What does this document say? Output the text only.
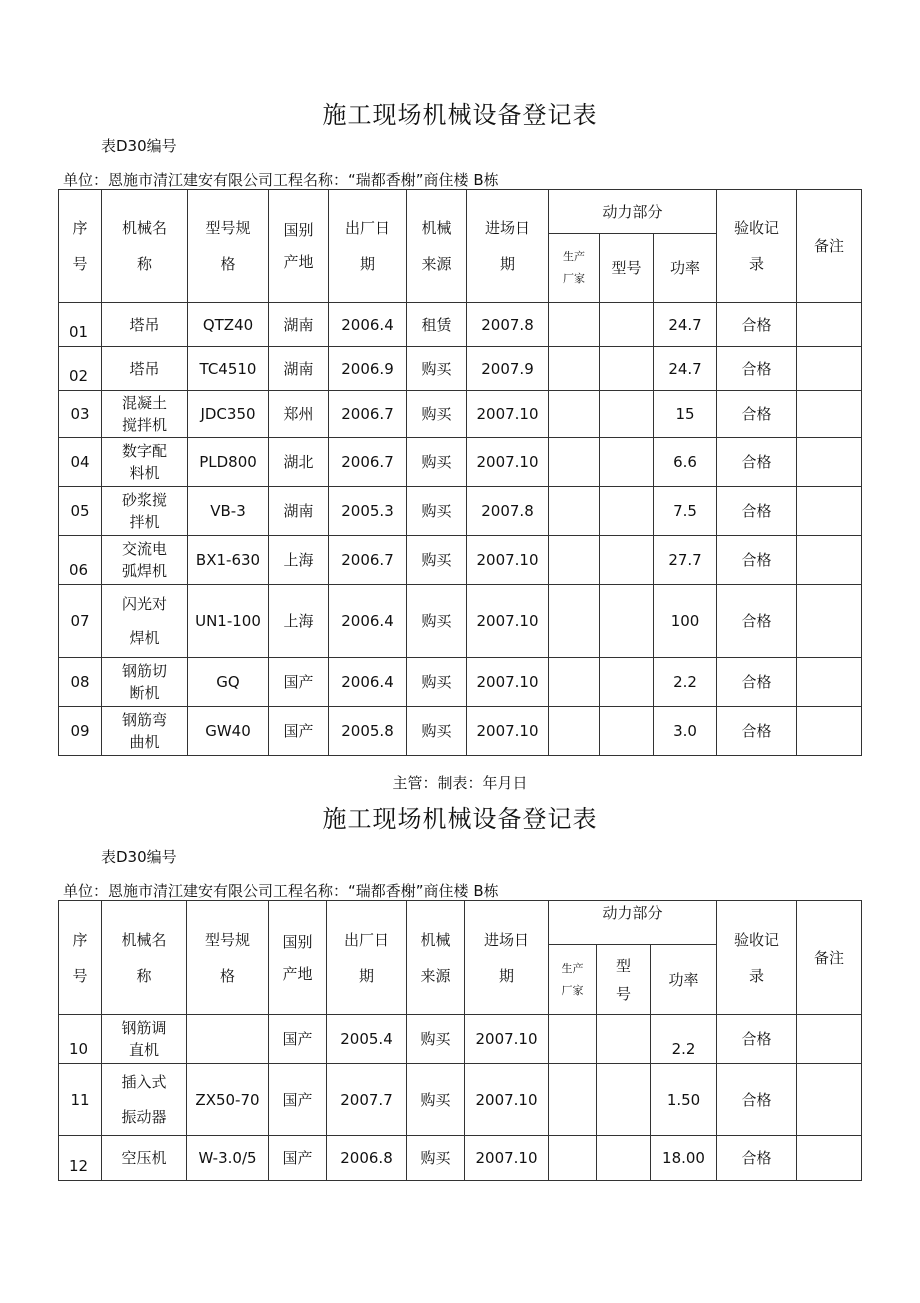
施工现场机械设备登记表
表D30编号
单位：恩施市清江建安有限公司工程名称：“瑞都香榭”商住楼 B栋
序
号	机械名
称	型号规
格	国别
产地	出厂日
期	机械
来源	进场日
期	动力部分			验收记
录	备注

							生产
厂家	型号	功率		
01	塔吊	QTZ40	湖南	2006.4	租赁	2007.8			24.7	合格	
02	塔吊	TC4510	湖南	2006.9	购买	2007.9			24.7	合格	
03	混凝土
搅拌机	JDC350	郑州	2006.7	购买	2007.10			15	合格	
04	数字配
料机	PLD800	湖北	2006.7	购买	2007.10			6.6	合格	
05	砂浆搅
拌机	VB-3	湖南	2005.3	购买	2007.8			7.5	合格	
06	交流电
弧焊机	BX1-630	上海	2006.7	购买	2007.10			27.7	合格	
07	闪光对
焊机	UN1-100	上海	2006.4	购买	2007.10			100	合格	
08	钢筋切
断机	GQ	国产	2006.4	购买	2007.10			2.2	合格	
09	钢筋弯
曲机	GW40	国产	2005.8	购买	2007.10			3.0	合格	
主管：制表：年月日
施工现场机械设备登记表
表D30编号
单位：恩施市清江建安有限公司工程名称：“瑞都香榭”商住楼 B栋
序
号	机械名
称	型号规
格	国别
产地	出厂日
期	机械
来源	进场日
期	动力部分			验收记
录	备注

							生产
厂家	型
号	功率		
10	钢筋调
直机		国产	2005.4	购买	2007.10			2.2	合格	
11	插入式
振动器	ZX50-70	国产	2007.7	购买	2007.10			1.50	合格	
12	空压机	W-3.0/5	国产	2006.8	购买	2007.10			18.00	合格	
